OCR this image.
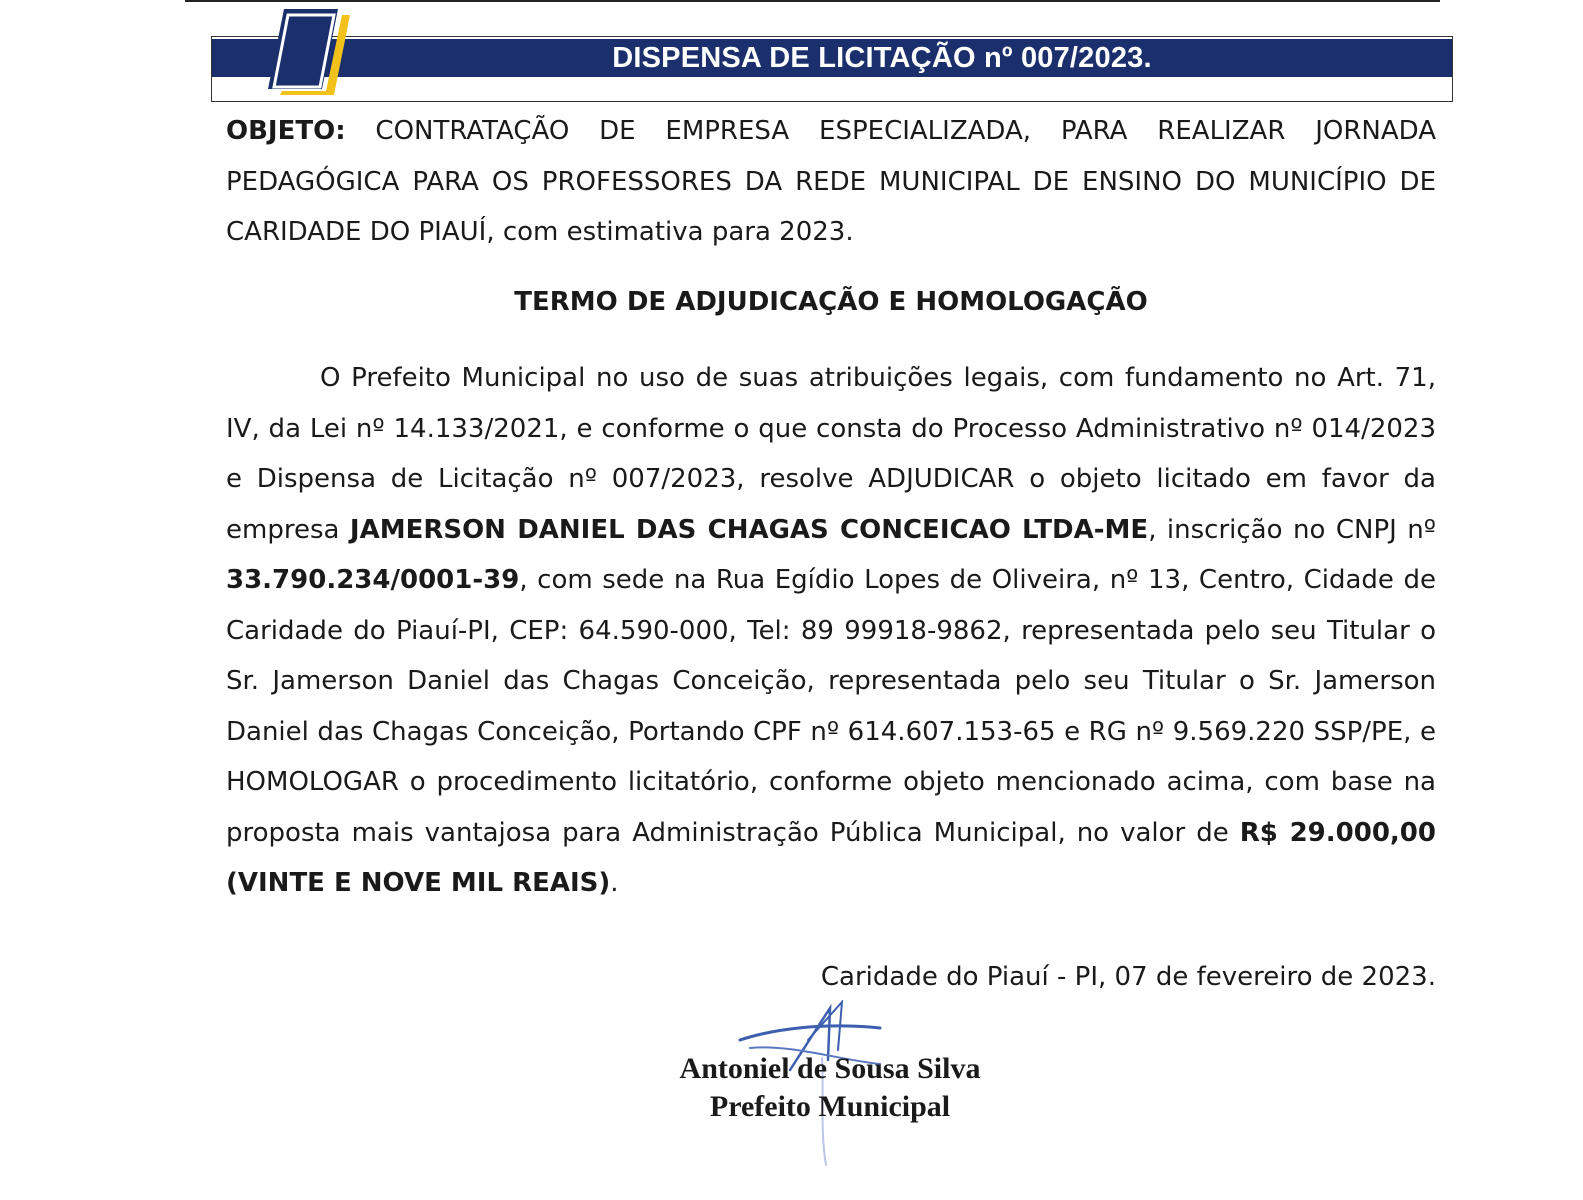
DISPENSA DE LICITAÇÃO nº 007/2023.
OBJETO: CONTRATAÇÃO DE EMPRESA ESPECIALIZADA, PARA REALIZAR JORNADA PEDAGÓGICA PARA OS PROFESSORES DA REDE MUNICIPAL DE ENSINO DO MUNICÍPIO DE CARIDADE DO PIAUÍ, com estimativa para 2023.
TERMO DE ADJUDICAÇÃO E HOMOLOGAÇÃO
O Prefeito Municipal no uso de suas atribuições legais, com fundamento no Art. 71, IV, da Lei nº 14.133/2021, e conforme o que consta do Processo Administrativo nº 014/2023 e Dispensa de Licitação nº 007/2023, resolve ADJUDICAR o objeto licitado em favor da empresa JAMERSON DANIEL DAS CHAGAS CONCEICAO LTDA-ME, inscrição no CNPJ nº 33.790.234/0001-39, com sede na Rua Egídio Lopes de Oliveira, nº 13, Centro, Cidade de Caridade do Piauí-PI, CEP: 64.590-000, Tel: 89 99918-9862, representada pelo seu Titular o Sr. Jamerson Daniel das Chagas Conceição, representada pelo seu Titular o Sr. Jamerson Daniel das Chagas Conceição, Portando CPF nº 614.607.153-65 e RG nº 9.569.220 SSP/PE, e HOMOLOGAR o procedimento licitatório, conforme objeto mencionado acima, com base na proposta mais vantajosa para Administração Pública Municipal, no valor de R$ 29.000,00 (VINTE E NOVE MIL REAIS).
Caridade do Piauí - PI, 07 de fevereiro de 2023.
Antoniel de Sousa Silva
Prefeito Municipal
